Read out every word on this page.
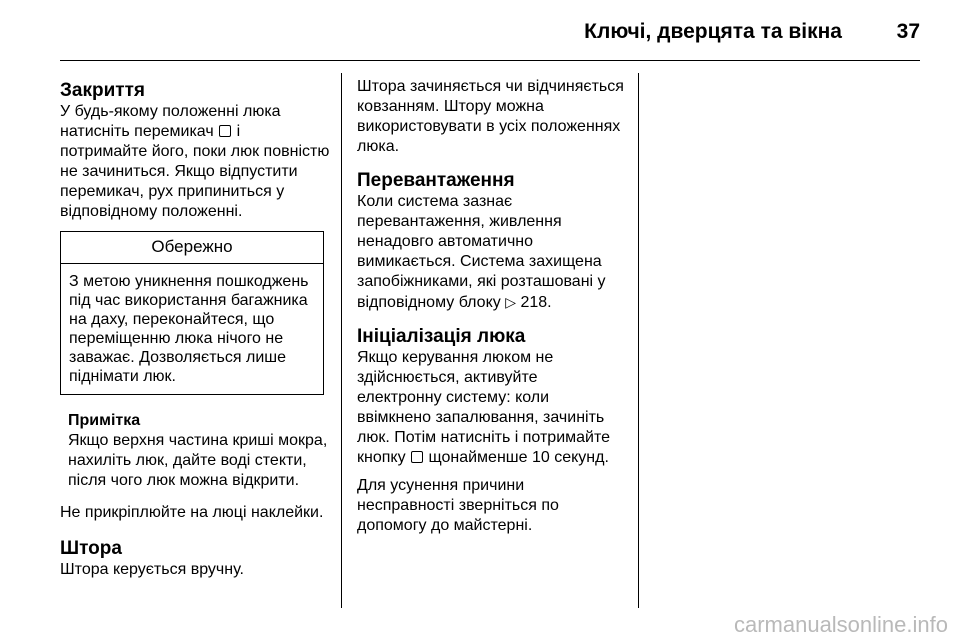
Ключі, дверцята та вікна	37

Закриття

У будь-якому положенні люка натисніть перемикач і потримайте його, поки люк повністю не зачиниться. Якщо відпустити перемикач, рух припиниться у відповідному положенні.

Обережно
З метою уникнення пошкоджень під час використання багажника на даху, переконайтеся, що переміщенню люка нічого не заважає. Дозволяється лише піднімати люк.
Примітка
Якщо верхня частина криші мокра, нахиліть люк, дайте воді стекти, після чого люк можна відкрити.

Не прикріплюйте на люці наклейки.

Штора

Штора керується вручну.

Штора зачиняється чи відчиняється ковзанням. Штору можна використовувати в усіх положеннях люка.

Перевантаження

Коли система зазнає перевантаження, живлення ненадовго автоматично вимикається. Система захищена запобіжниками, які розташовані у відповідному блоку ▷ 218.

Ініціалізація люка

Якщо керування люком не здійснюється, активуйте електронну систему: коли ввімкнено запалювання, зачиніть люк. Потім натисніть і потримайте кнопку щонайменше 10 секунд.

Для усунення причини несправності зверніться по допомогу до майстерні.

carmanualsonline.info
